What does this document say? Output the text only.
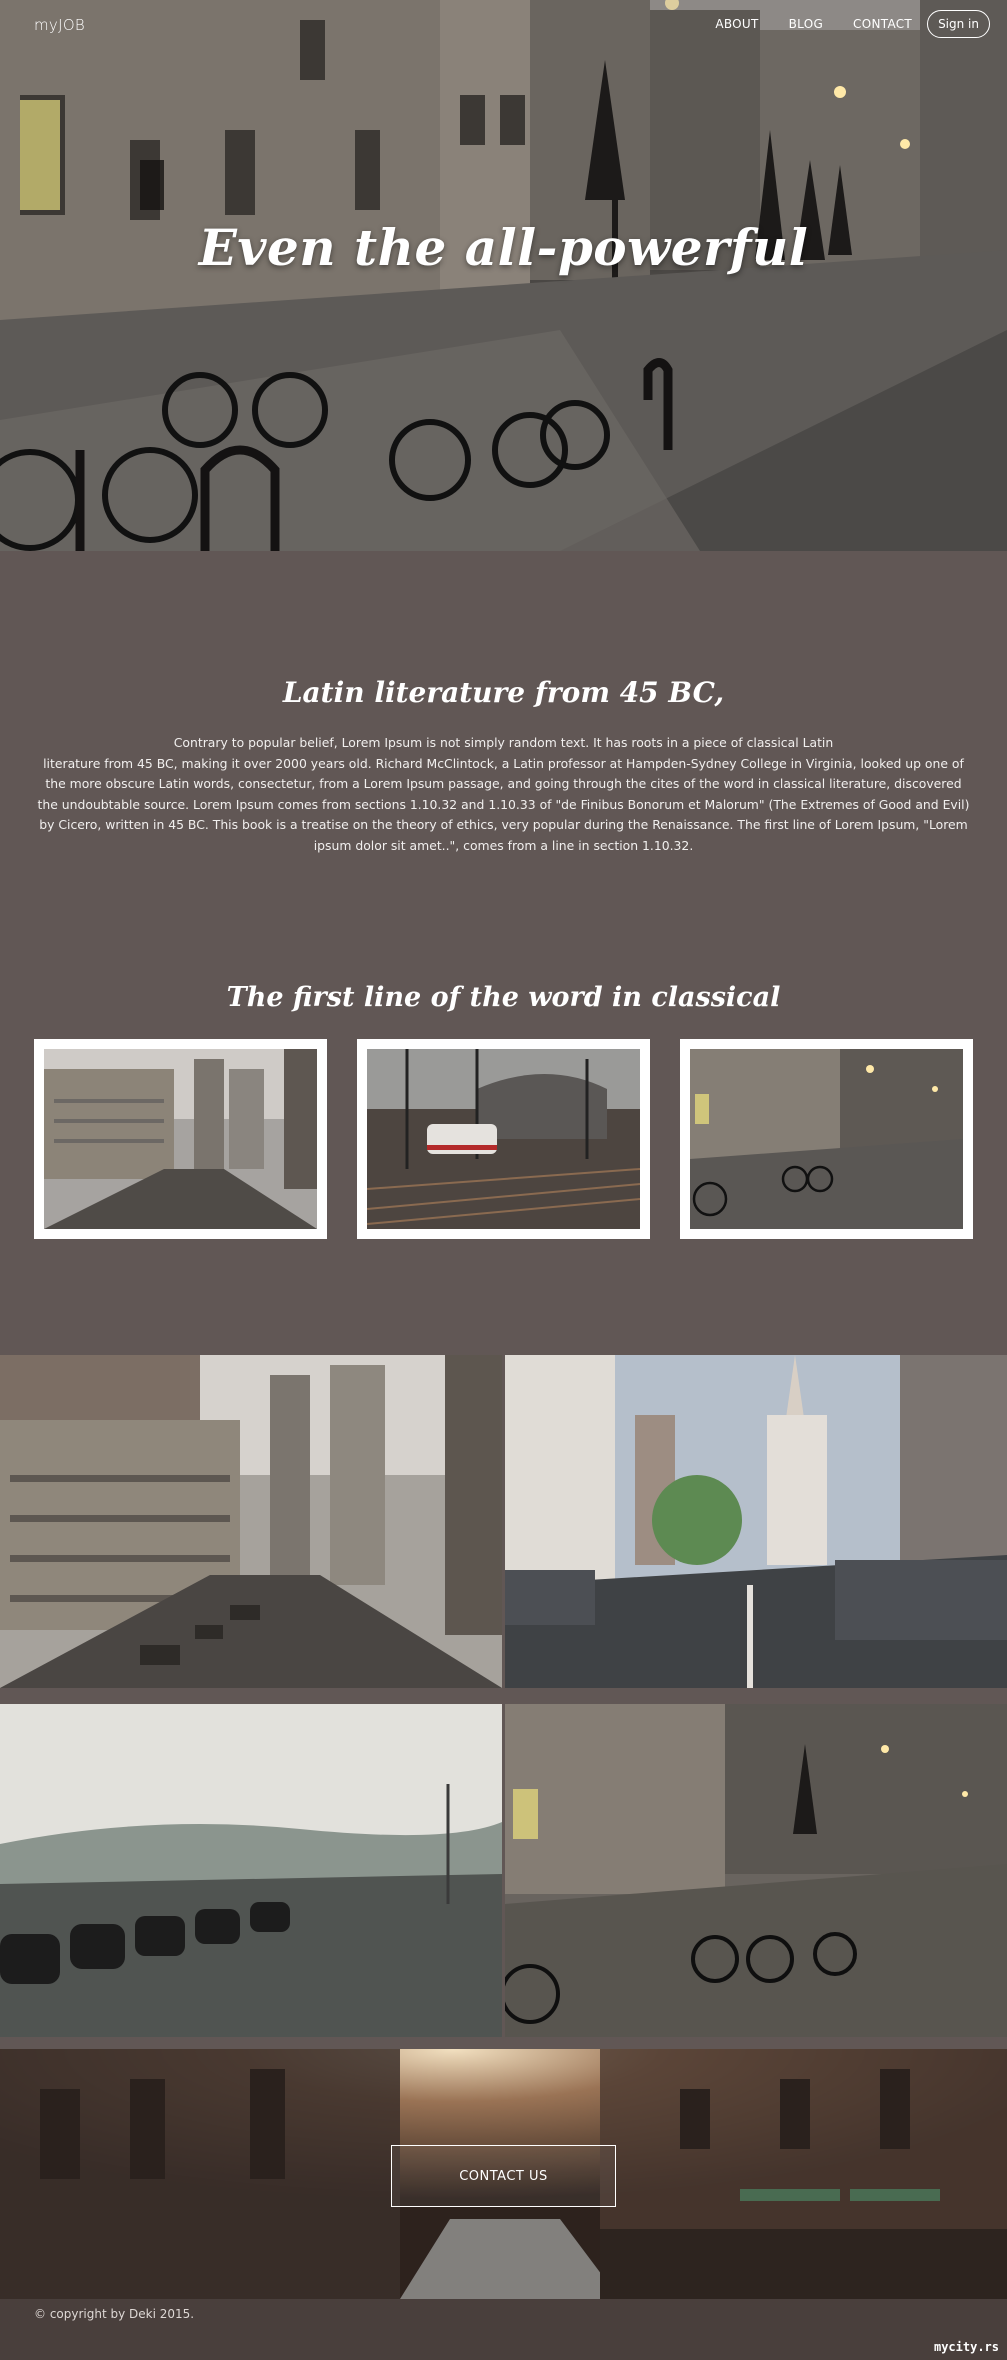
myJOB	ABOUT	BLOG	CONTACT	Sign in
Even the all-powerful
Latin literature from 45 BC,
Contrary to popular belief, Lorem Ipsum is not simply random text. It has roots in a piece of classical Latin
literature from 45 BC, making it over 2000 years old. Richard McClintock, a Latin professor at Hampden-Sydney College in Virginia, looked up one of
the more obscure Latin words, consectetur, from a Lorem Ipsum passage, and going through the cites of the word in classical literature, discovered
the undoubtable source. Lorem Ipsum comes from sections 1.10.32 and 1.10.33 of "de Finibus Bonorum et Malorum" (The Extremes of Good and Evil)
by Cicero, written in 45 BC. This book is a treatise on the theory of ethics, very popular during the Renaissance. The first line of Lorem Ipsum, "Lorem
ipsum dolor sit amet..", comes from a line in section 1.10.32.
The first line of the word in classical
CONTACT US
© copyright by Deki 2015.
mycity.rs
